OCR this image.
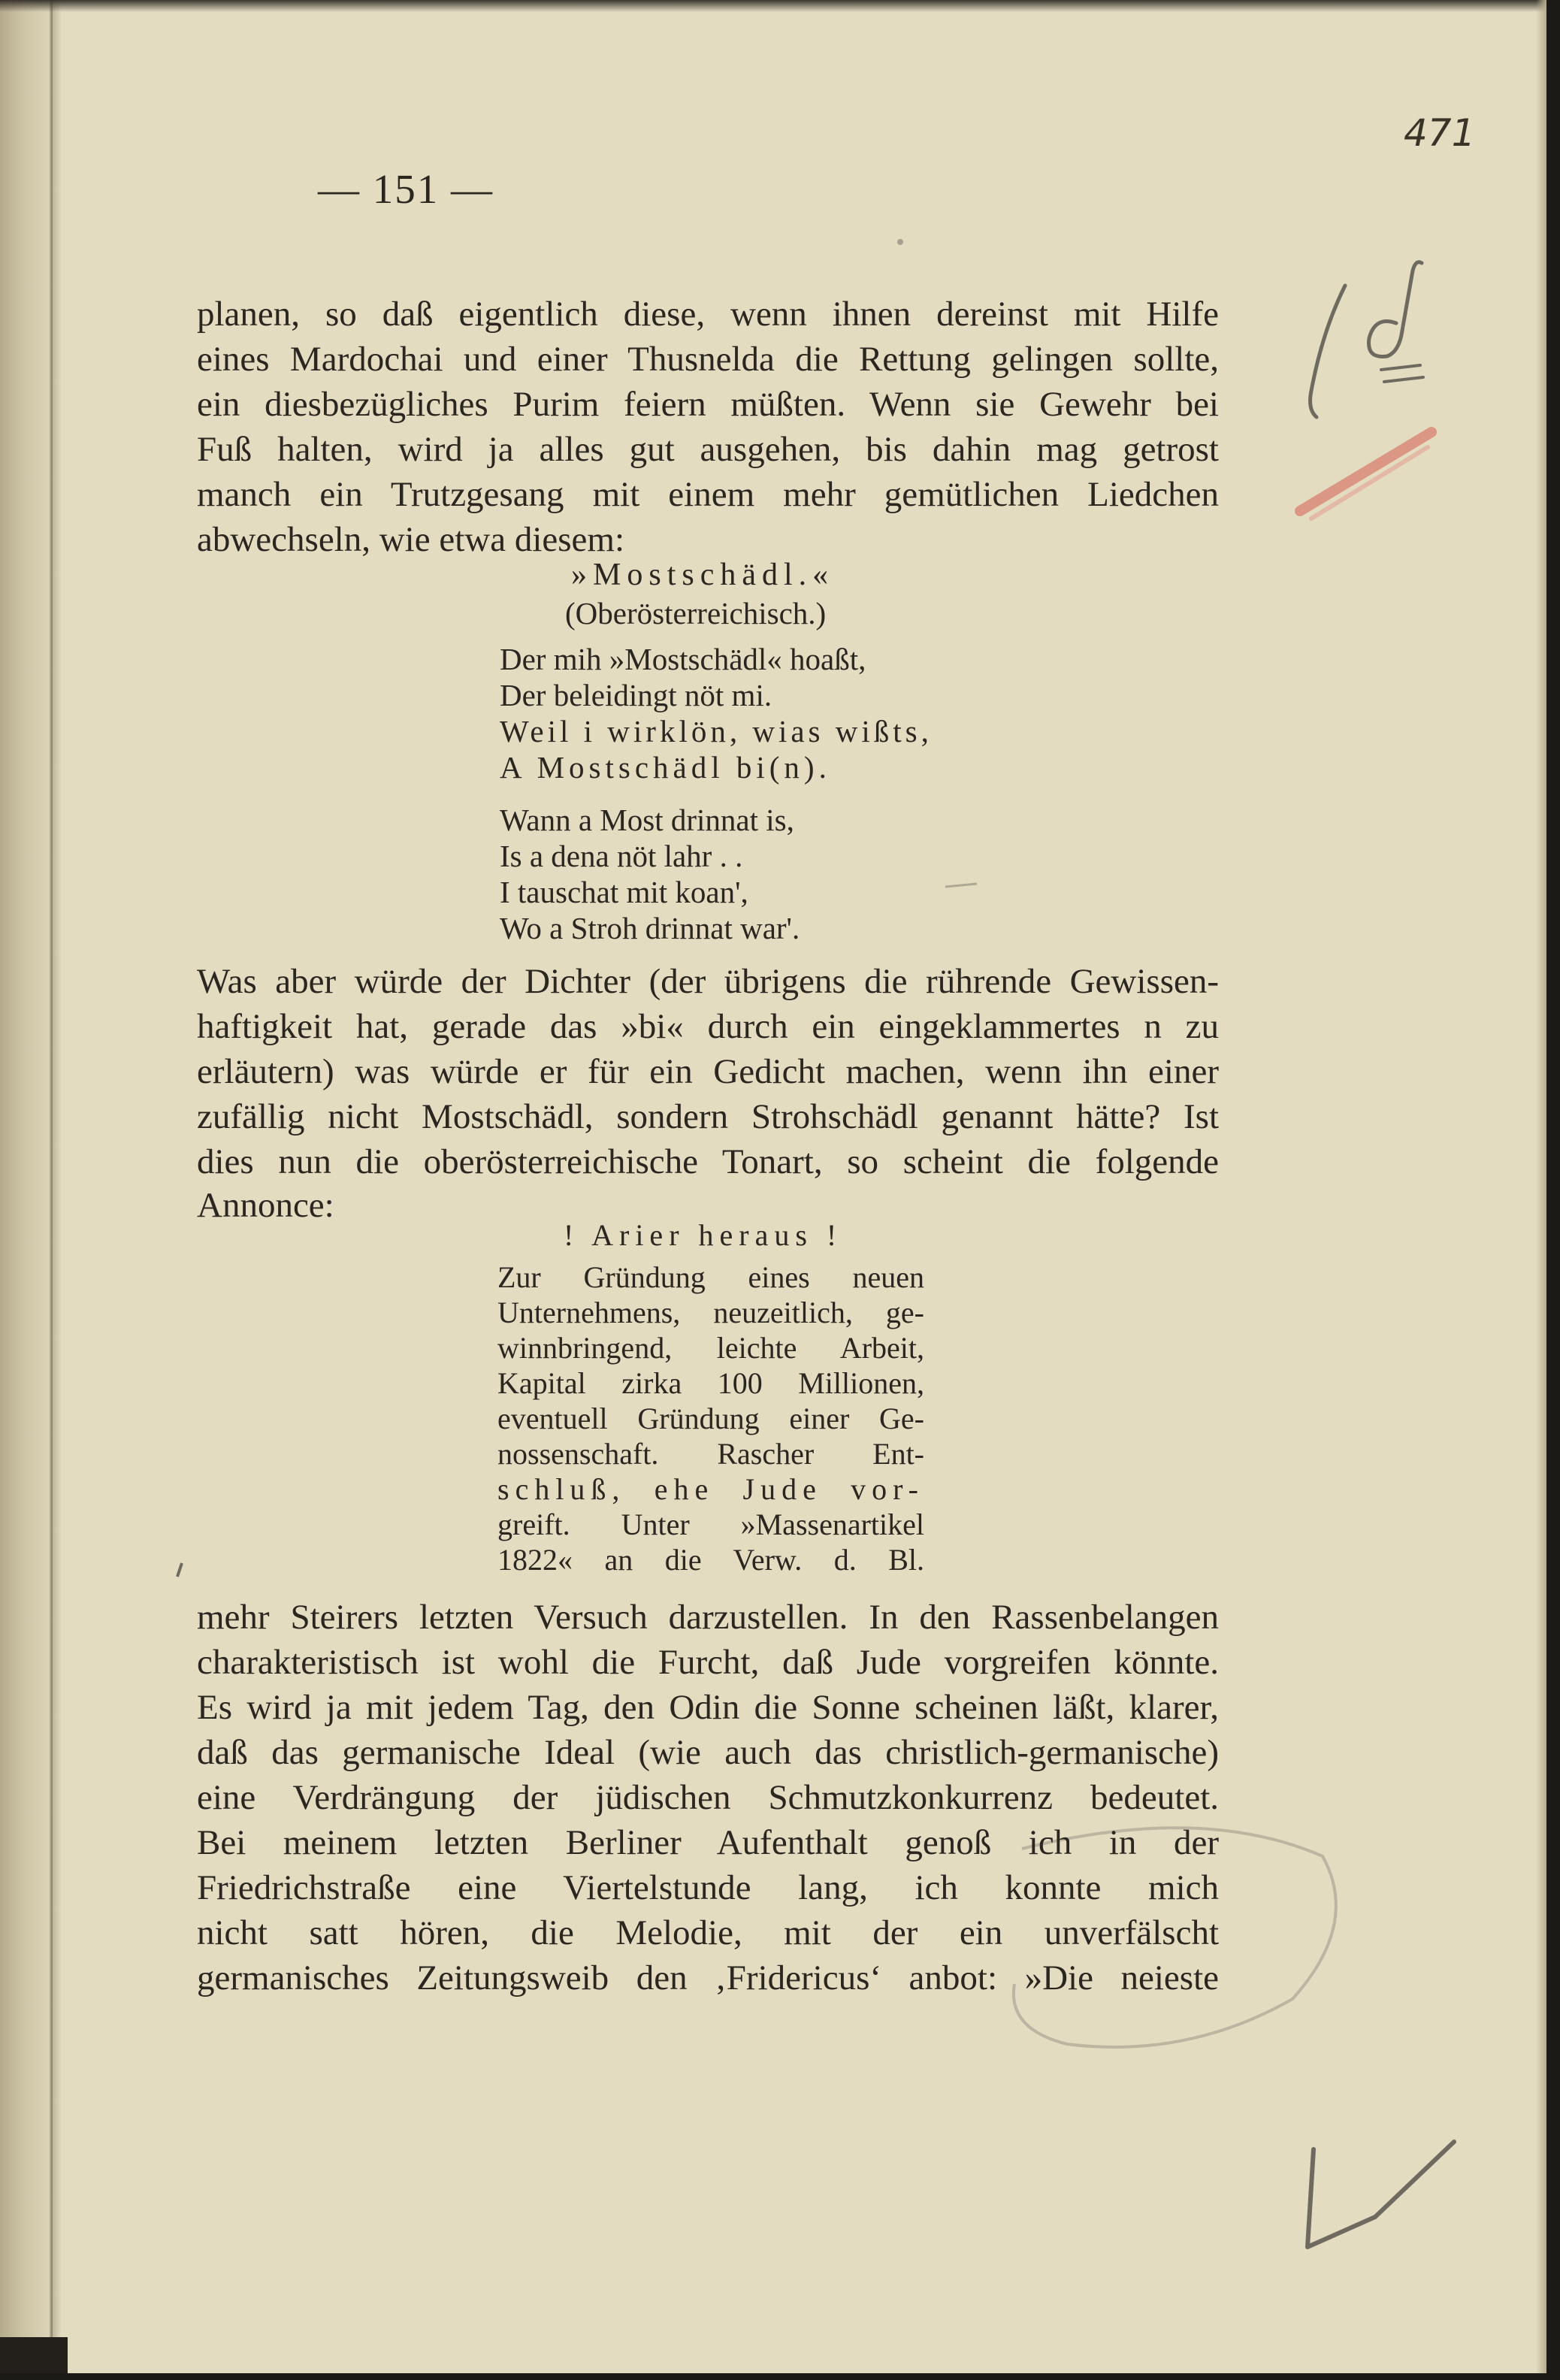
— 151 —
471

planen, so daß eigentlich diese, wenn ihnen dereinst mit Hilfe

eines Mardochai und einer Thusnelda die Rettung gelingen sollte,

ein diesbezügliches Purim feiern müßten. Wenn sie Gewehr bei

Fuß halten, wird ja alles gut ausgehen, bis dahin mag getrost

manch ein Trutzgesang mit einem mehr gemütlichen Liedchen

abwechseln, wie etwa diesem:

»Mostschädl.«
(Oberösterreichisch.)
Der mih »Mostschädl« hoaßt,
Der beleidingt nöt mi.
Weil i wirklön, wias wißts,
A Mostschädl bi(n).
Wann a Most drinnat is,
Is a dena nöt lahr . .
I tauschat mit koan',
Wo a Stroh drinnat war'.

Was aber würde der Dichter (der übrigens die rührende Gewissen-

haftigkeit hat, gerade das »bi« durch ein eingeklammertes n zu

erläutern) was würde er für ein Gedicht machen, wenn ihn einer

zufällig nicht Mostschädl, sondern Strohschädl genannt hätte? Ist

dies nun die oberösterreichische Tonart, so scheint die folgende

Annonce:

! Arier heraus !
Zur Gründung eines neuen
Unternehmens, neuzeitlich, ge-
winnbringend, leichte Arbeit,
Kapital zirka 100 Millionen,
eventuell Gründung einer Ge-
nossenschaft. Rascher Ent-
schluß, ehe Jude vor-
greift. Unter »Massenartikel
1822« an die Verw. d. Bl.

mehr Steirers letzten Versuch darzustellen. In den Rassenbelangen

charakteristisch ist wohl die Furcht, daß Jude vorgreifen könnte.

Es wird ja mit jedem Tag, den Odin die Sonne scheinen läßt, klarer,

daß das germanische Ideal (wie auch das christlich-germanische)

eine Verdrängung der jüdischen Schmutzkonkurrenz bedeutet.

Bei meinem letzten Berliner Aufenthalt genoß ich in der

Friedrichstraße eine Viertelstunde lang, ich konnte mich

nicht satt hören, die Melodie, mit der ein unverfälscht

germanisches Zeitungsweib den ‚Fridericus‘ anbot: »Die neieste
